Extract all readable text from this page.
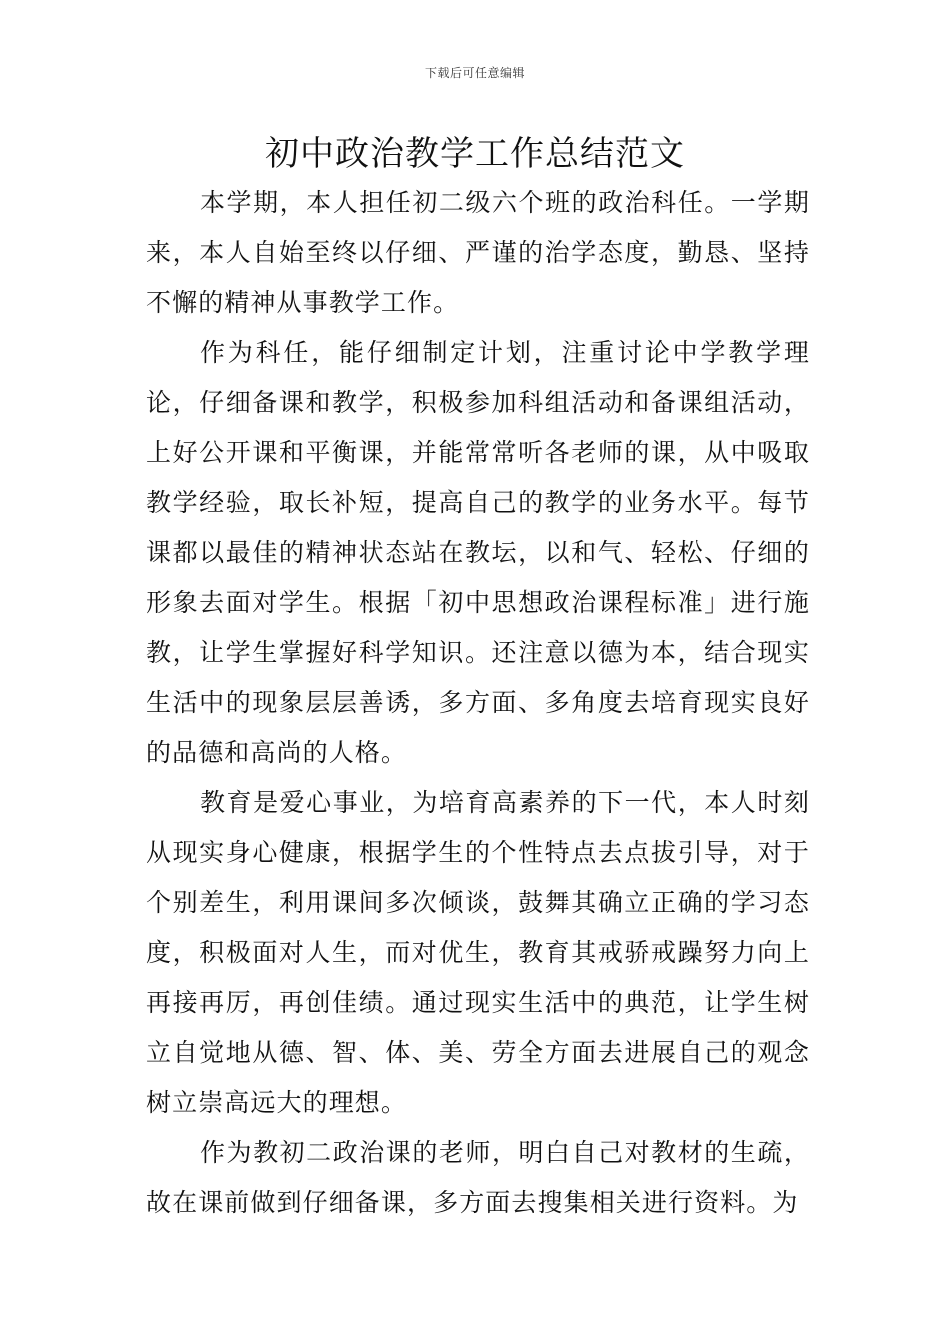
下载后可任意编辑
初中政治教学工作总结范文

本学期，本人担任初二级六个班的政治科任。一学期来，本人自始至终以仔细、严谨的治学态度，勤恳、坚持不懈的精神从事教学工作。

作为科任，能仔细制定计划，注重讨论中学教学理论，仔细备课和教学，积极参加科组活动和备课组活动，上好公开课和平衡课，并能常常听各老师的课，从中吸取教学经验，取长补短，提高自己的教学的业务水平。每节课都以最佳的精神状态站在教坛，以和气、轻松、仔细的形象去面对学生。根据「初中思想政治课程标准」进行施教，让学生掌握好科学知识。还注意以德为本，结合现实生活中的现象层层善诱，多方面、多角度去培育现实良好的品德和高尚的人格。

教育是爱心事业，为培育高素养的下一代，本人时刻从现实身心健康，根据学生的个性特点去点拔引导，对于个别差生，利用课间多次倾谈，鼓舞其确立正确的学习态度，积极面对人生，而对优生，教育其戒骄戒躁努力向上再接再厉，再创佳绩。通过现实生活中的典范，让学生树立自觉地从德、智、体、美、劳全方面去进展自己的观念树立崇高远大的理想。

作为教初二政治课的老师，明白自己对教材的生疏，故在课前做到仔细备课，多方面去搜集相关进行资料。为
